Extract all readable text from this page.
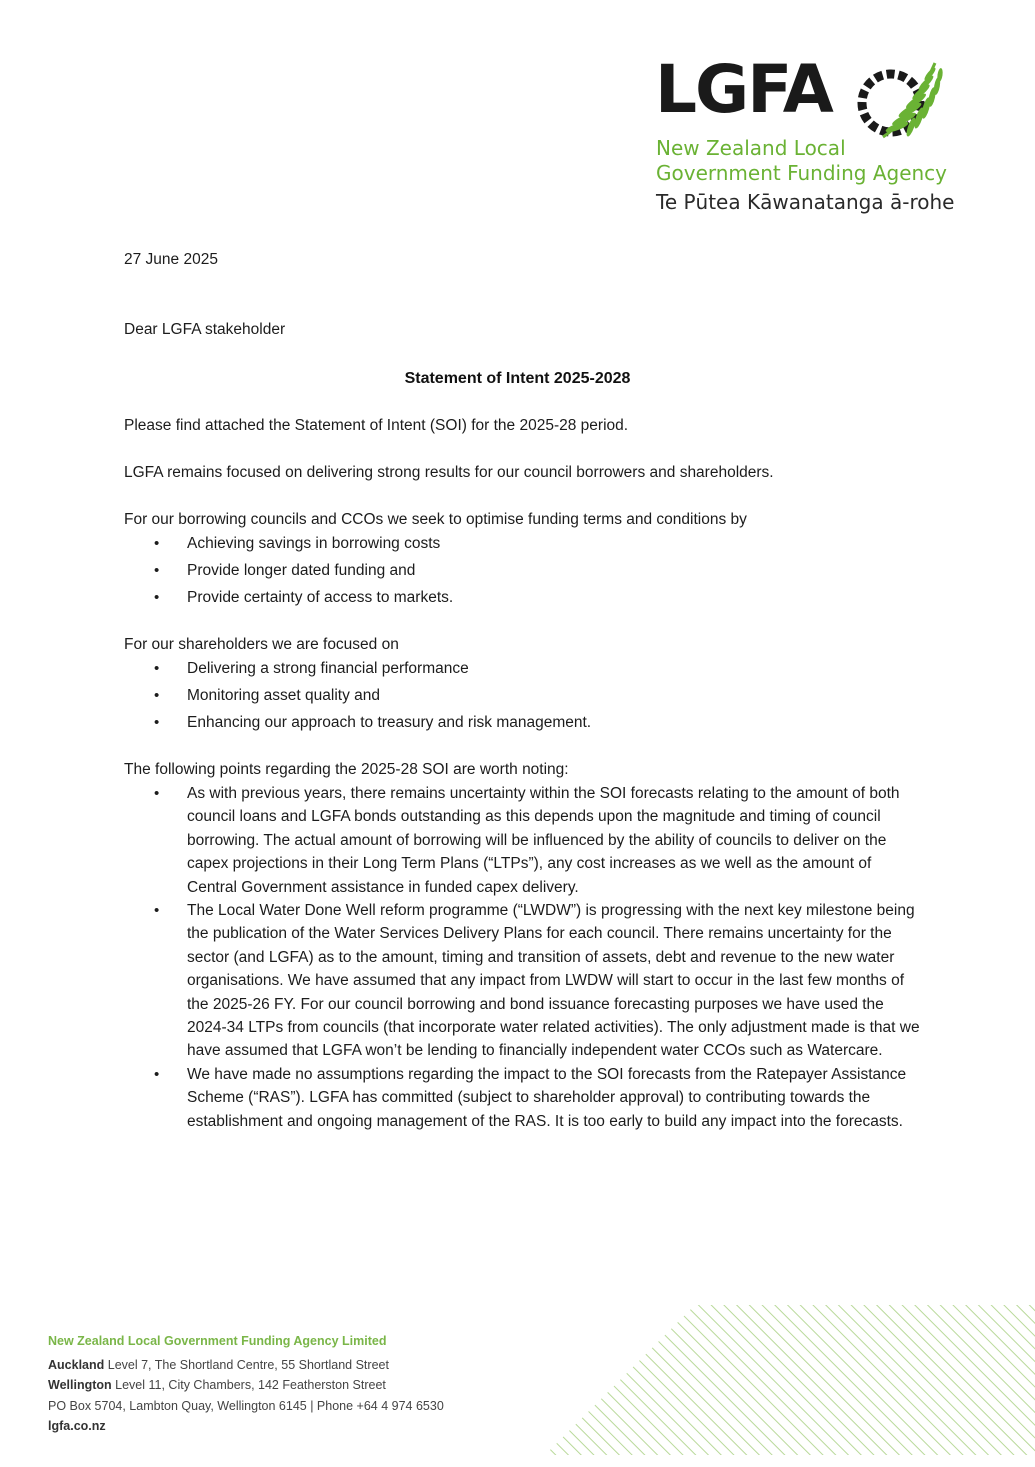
LGFA
New Zealand Local
Government Funding Agency
Te Pūtea Kāwanatanga ā-rohe
27 June 2025
Dear LGFA stakeholder
Statement of Intent 2025-2028
Please find attached the Statement of Intent (SOI) for the 2025-28 period.
LGFA remains focused on delivering strong results for our council borrowers and shareholders.
For our borrowing councils and CCOs we seek to optimise funding terms and conditions by
• Achieving savings in borrowing costs
• Provide longer dated funding and
• Provide certainty of access to markets.
For our shareholders we are focused on
• Delivering a strong financial performance
• Monitoring asset quality and
• Enhancing our approach to treasury and risk management.
The following points regarding the 2025-28 SOI are worth noting:
• As with previous years, there remains uncertainty within the SOI forecasts relating to the amount of both council loans and LGFA bonds outstanding as this depends upon the magnitude and timing of council borrowing. The actual amount of borrowing will be influenced by the ability of councils to deliver on the capex projections in their Long Term Plans (“LTPs”), any cost increases as we well as the amount of Central Government assistance in funded capex delivery.
• The Local Water Done Well reform programme (“LWDW”) is progressing with the next key milestone being the publication of the Water Services Delivery Plans for each council. There remains uncertainty for the sector (and LGFA) as to the amount, timing and transition of assets, debt and revenue to the new water organisations. We have assumed that any impact from LWDW will start to occur in the last few months of the 2025-26 FY. For our council borrowing and bond issuance forecasting purposes we have used the 2024-34 LTPs from councils (that incorporate water related activities). The only adjustment made is that we have assumed that LGFA won’t be lending to financially independent water CCOs such as Watercare.
• We have made no assumptions regarding the impact to the SOI forecasts from the Ratepayer Assistance Scheme (“RAS”). LGFA has committed (subject to shareholder approval) to contributing towards the establishment and ongoing management of the RAS. It is too early to build any impact into the forecasts.
New Zealand Local Government Funding Agency Limited
Auckland Level 7, The Shortland Centre, 55 Shortland Street
Wellington Level 11, City Chambers, 142 Featherston Street
PO Box 5704, Lambton Quay, Wellington 6145 | Phone +64 4 974 6530
lgfa.co.nz
